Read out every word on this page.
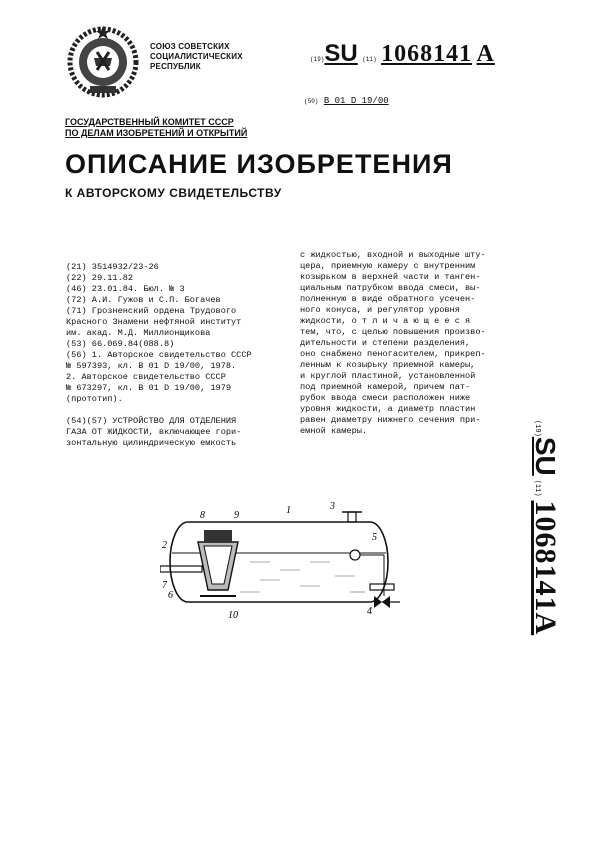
СОЮЗ СОВЕТСКИХ
СОЦИАЛИСТИЧЕСКИХ
РЕСПУБЛИК
(19)SU (11) 1068141 A
(50) B 01 D 19/00
ГОСУДАРСТВЕННЫЙ КОМИТЕТ СССР
ПО ДЕЛАМ ИЗОБРЕТЕНИЙ И ОТКРЫТИЙ
ОПИСАНИЕ ИЗОБРЕТЕНИЯ
К АВТОРСКОМУ СВИДЕТЕЛЬСТВУ
(21) 3514932/23-26
(22) 29.11.82
(46) 23.01.84. Бюл. № 3
(72) А.И. Гужов и С.П. Богачев
(71) Грозненский ордена Трудового
Красного Знамени нефтяной институт
им. акад. М.Д. Миллионщикова
(53) 66.069.84(088.8)
(56) 1. Авторское свидетельство СССР
№ 597393, кл. B 01 D 19/00, 1978.
2. Авторское свидетельство СССР
№ 673297, кл. B 01 D 19/00, 1979
(прототип).

(54)(57) УСТРОЙСТВО ДЛЯ ОТДЕЛЕНИЯ
ГАЗА ОТ ЖИДКОСТИ, включающее гори-
зонтальную цилиндрическую емкость
с жидкостью, входной и выходные шту-
цера, приемную камеру с внутренним
козырьком в верхней части и танген-
циальным патрубком ввода смеси, вы-
полненную в виде обратного усечен-
ного конуса, и регулятор уровня
жидкости, о т л и ч а ю щ е е с я
тем, что, с целью повышения произво-
дительности и степени разделения,
оно снабжено пеногасителем, прикреп-
ленным к козырьку приемной камеры,
и круглой пластиной, установленной
под приемной камерой, причем пат-
рубок ввода смеси расположен ниже
уровня жидкости, а диаметр пластин
равен диаметру нижнего сечения при-
емной камеры.	(19)SU (11) 1068141A
1
2
3
4
5
6
7
8	9
10
